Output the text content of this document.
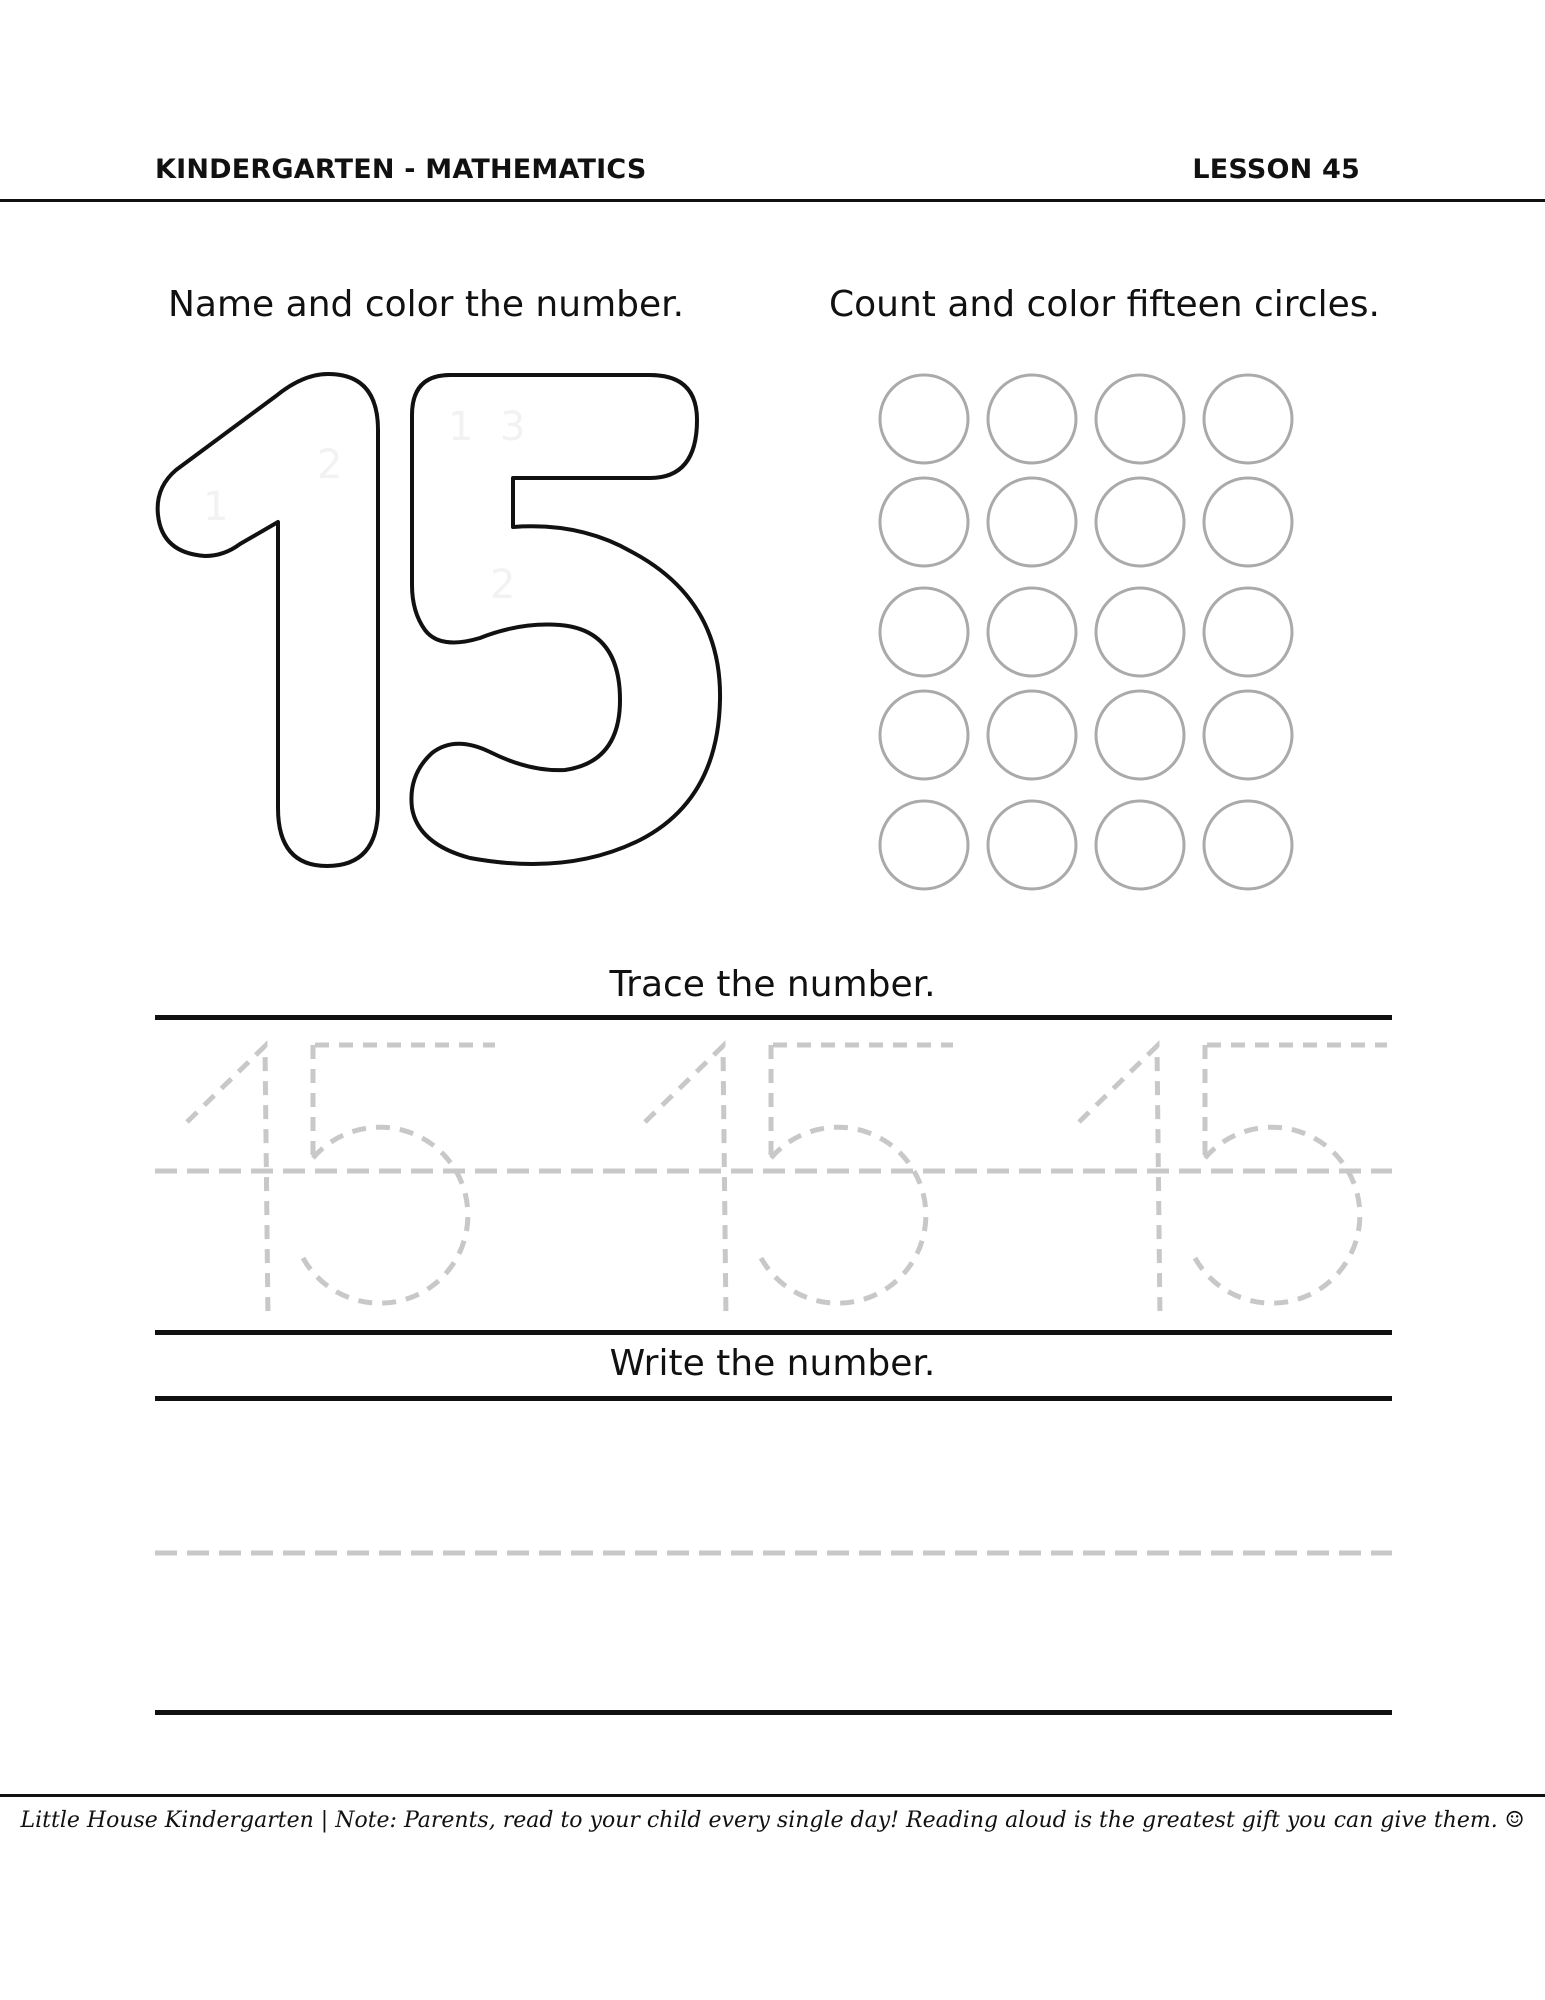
KINDERGARTEN - MATHEMATICS	LESSON 45
Name and color the number.	Count and color fifteen circles.
1
2
1 3
2
Trace the number.
Write the number.
Little House Kindergarten | Note: Parents, read to your child every single day! Reading aloud is the greatest gift you can give them. ☺
